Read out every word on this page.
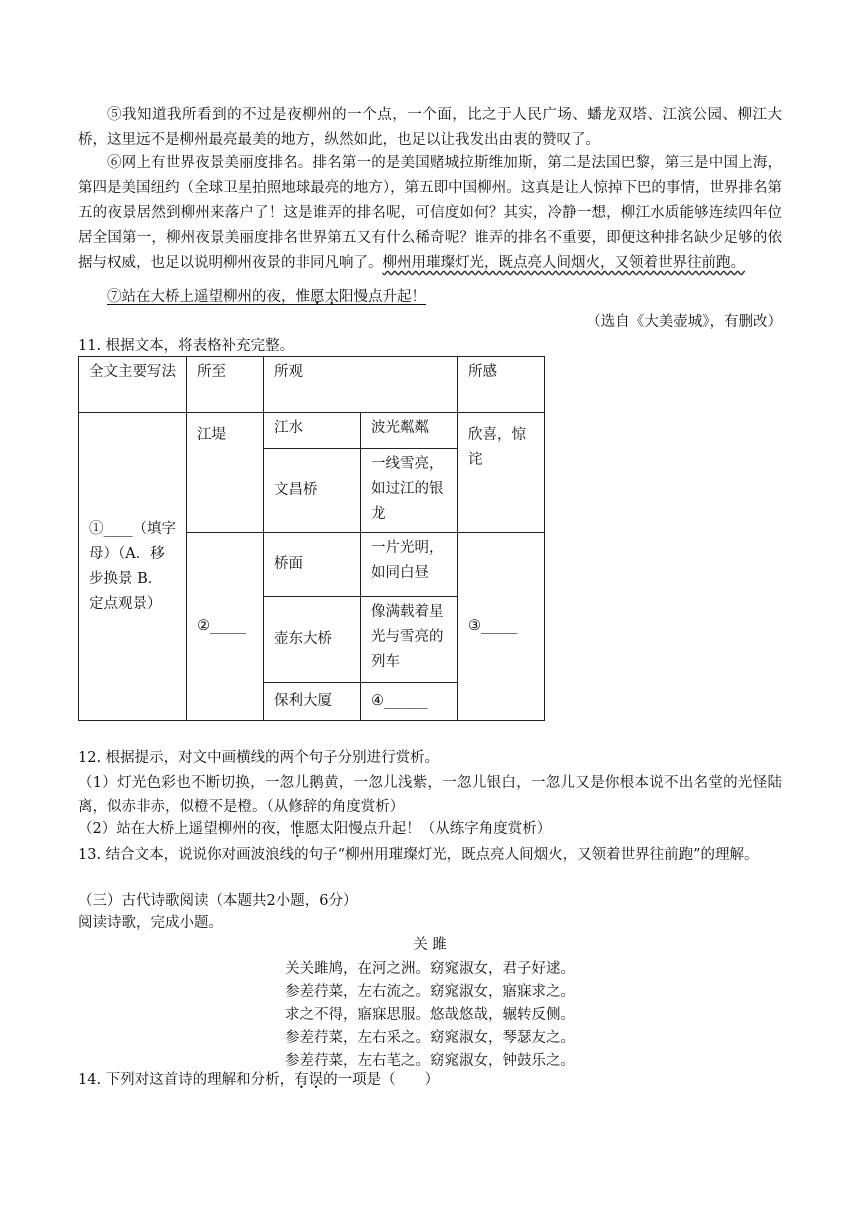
⑤我知道我所看到的不过是夜柳州的一个点，一个面，比之于人民广场、蟠龙双塔、江滨公园、柳江大桥，这里远不是柳州最亮最美的地方，纵然如此，也足以让我发出由衷的赞叹了。

⑥网上有世界夜景美丽度排名。排名第一的是美国赌城拉斯维加斯，第二是法国巴黎，第三是中国上海，第四是美国纽约（全球卫星拍照地球最亮的地方），第五即中国柳州。这真是让人惊掉下巴的事情，世界排名第五的夜景居然到柳州来落户了！这是谁弄的排名呢，可信度如何？其实，冷静一想，柳江水质能够连续四年位居全国第一，柳州夜景美丽度排名世界第五又有什么稀奇呢？谁弄的排名不重要，即便这种排名缺少足够的依据与权威，也足以说明柳州夜景的非同凡响了。柳州用璀璨灯光，既点亮人间烟火，又领着世界往前跑。

⑦站在大桥上遥望柳州的夜，惟愿太阳慢点升起！

（选自《大美壶城》，有删改）

11. 根据文本，将表格补充完整。

全文主要写法	所至	所观		所感
①____（填字母）（A．移步换景 B．定点观景）	江堤	江水	波光粼粼	欣喜，惊诧
		文昌桥	一线雪亮，如过江的银龙	
	②_____	桥面	一片光明，如同白昼	③_____
		壶东大桥	像满载着星光与雪亮的列车	
		保利大厦	④______	

12. 根据提示，对文中画横线的两个句子分别进行赏析。

（1）灯光色彩也不断切换，一忽儿鹅黄，一忽儿浅紫，一忽儿银白，一忽儿又是你根本说不出名堂的光怪陆离，似赤非赤，似橙不是橙。（从修辞的角度赏析）

（2）站在大桥上遥望柳州的夜，惟愿太阳慢点升起！（从练字角度赏析）

13. 结合文本，说说你对画波浪线的句子“柳州用璀璨灯光，既点亮人间烟火，又领着世界往前跑”的理解。

（三）古代诗歌阅读（本题共2小题，6分）

阅读诗歌，完成小题。

关 雎

关关雎鸠，在河之洲。窈窕淑女，君子好逑。

参差荇菜，左右流之。窈窕淑女，寤寐求之。

求之不得，寤寐思服。悠哉悠哉，辗转反侧。

参差荇菜，左右采之。窈窕淑女，琴瑟友之。

参差荇菜，左右芼之。窈窕淑女，钟鼓乐之。

14. 下列对这首诗的理解和分析，有误的一项是（　　）
